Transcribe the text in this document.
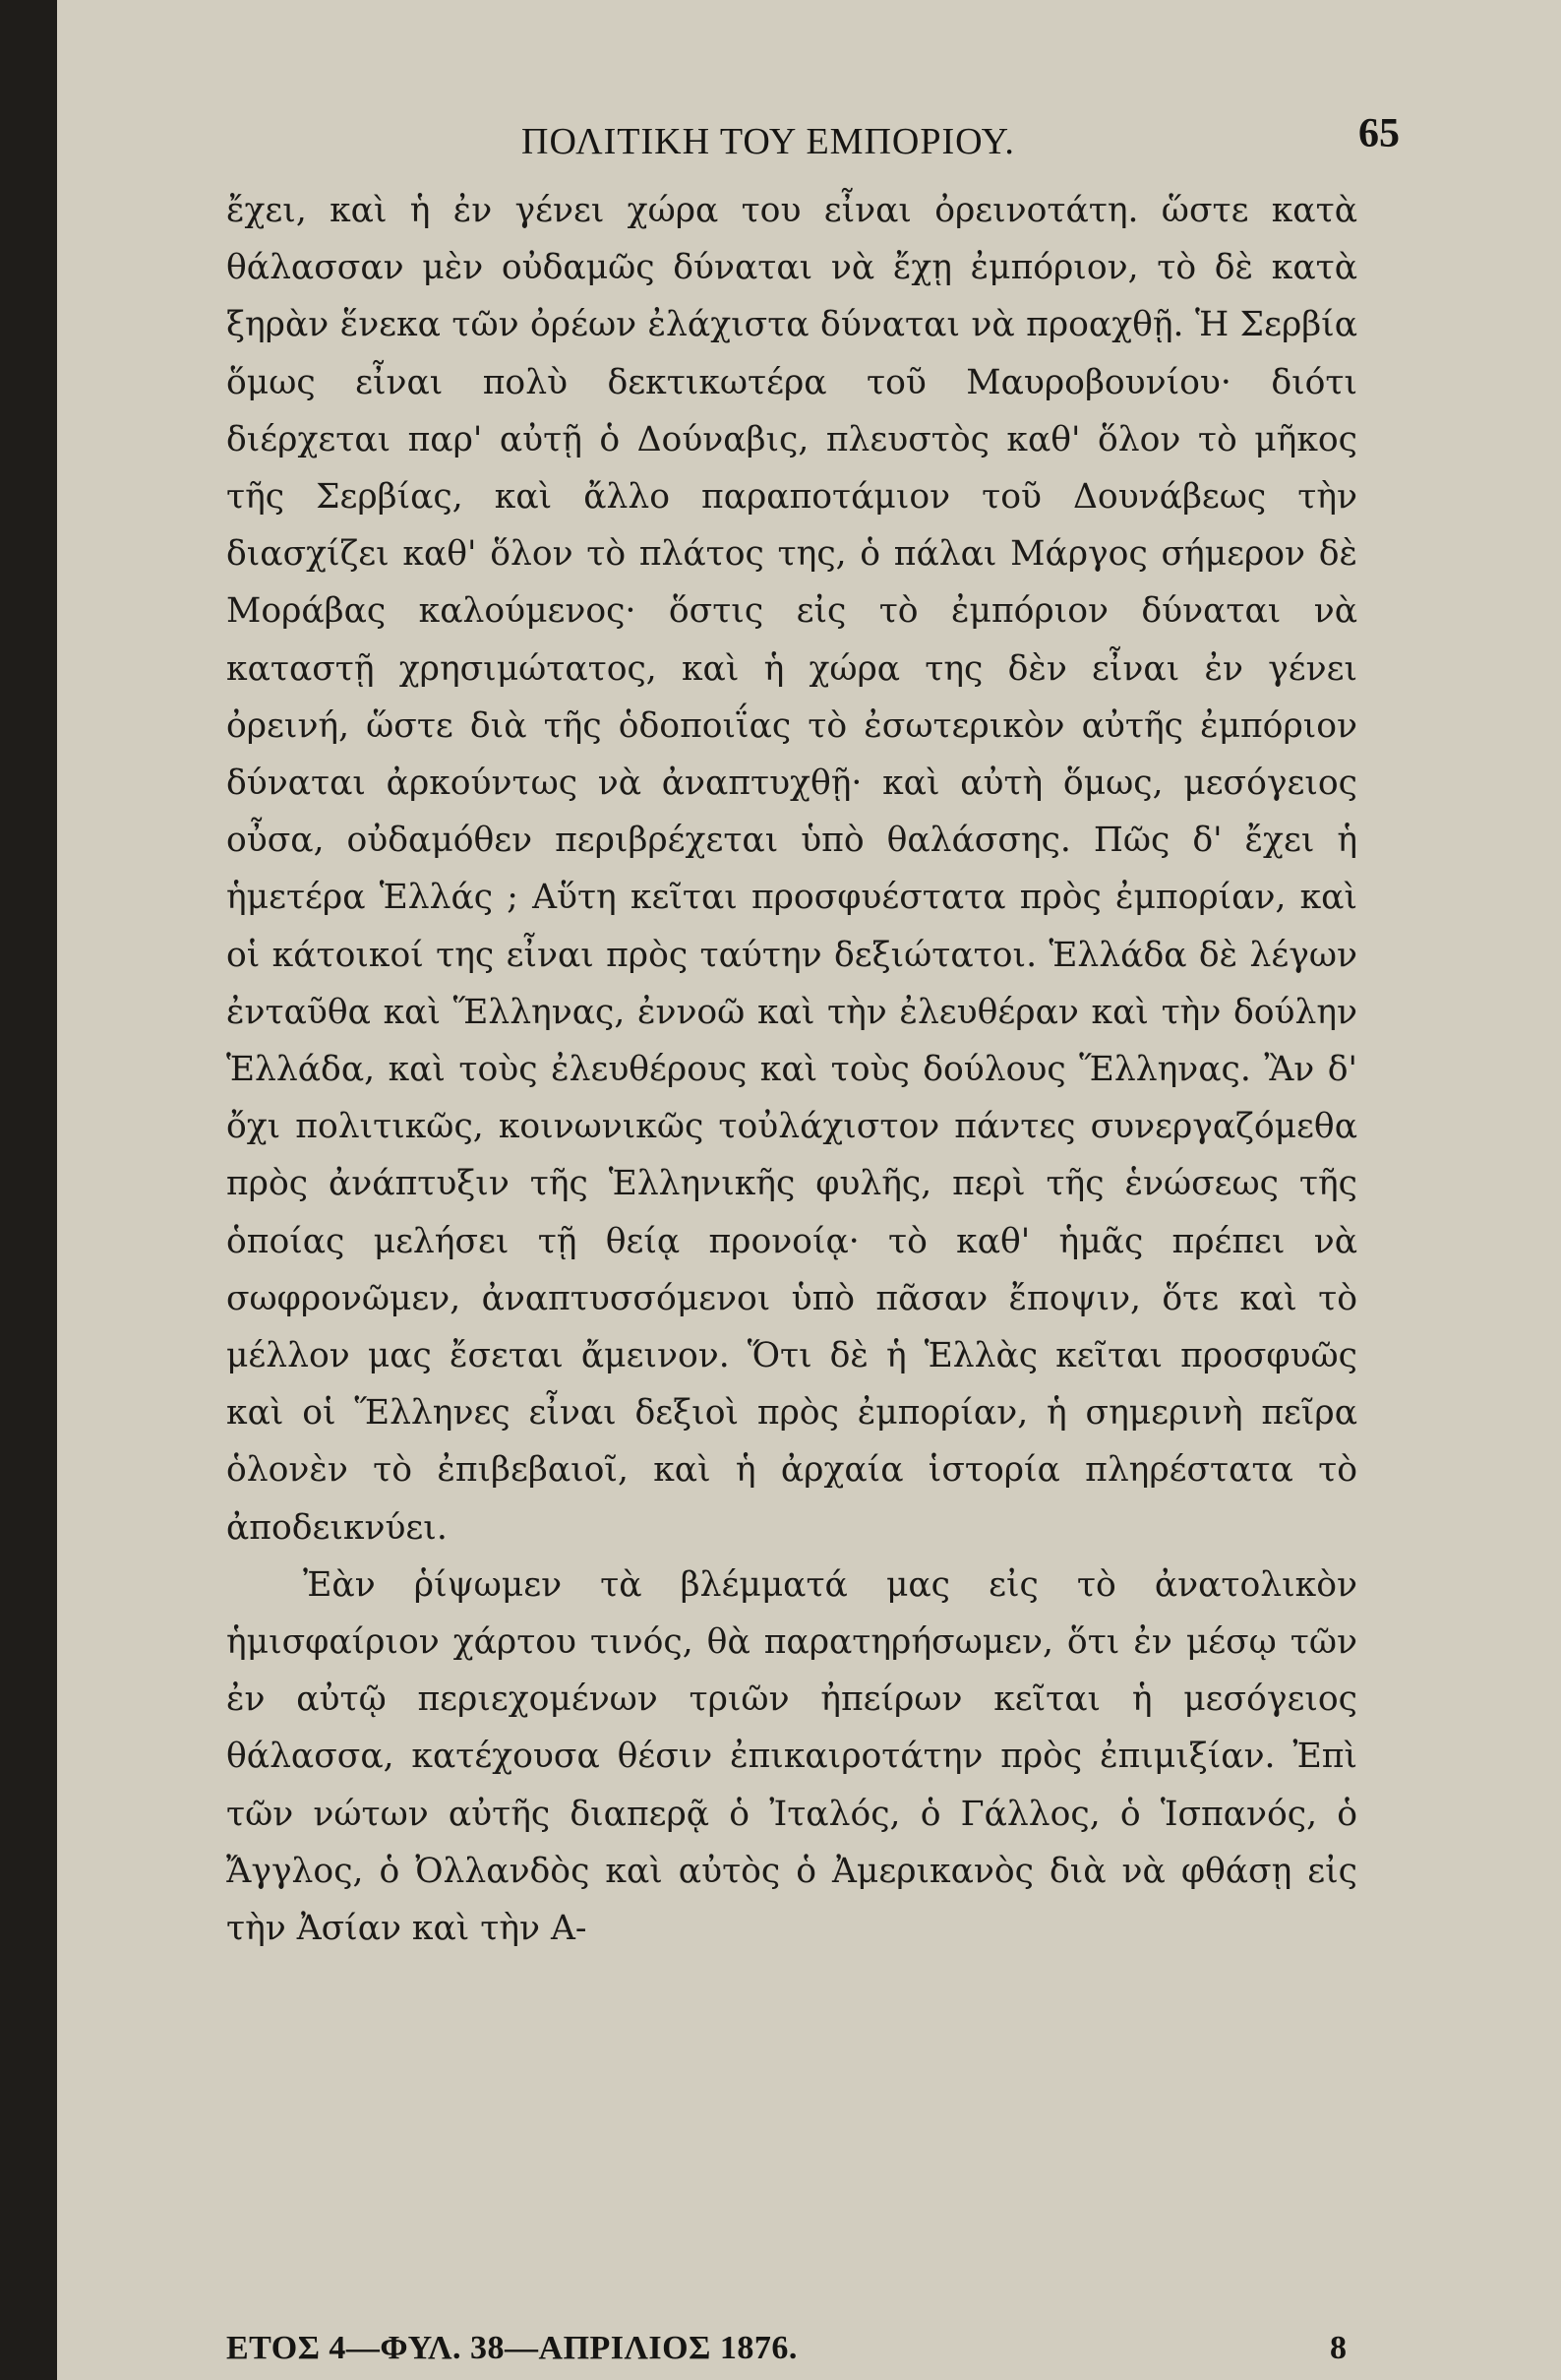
ΠΟΛΙΤΙΚΗ ΤΟΥ ΕΜΠΟΡΙΟΥ.	65

ἔχει, καὶ ἡ ἐν γένει χώρα του εἶναι ὀρεινοτάτη. ὥστε κατὰ θάλασσαν μὲν οὐδαμῶς δύναται νὰ ἔχῃ ἐμπόριον, τὸ δὲ κατὰ ξηρὰν ἕνεκα τῶν ὀρέων ἐλάχιστα δύναται νὰ προαχθῇ. Ἡ Σερβία ὅμως εἶναι πολὺ δεκτικωτέρα τοῦ Μαυροβουνίου· διότι διέρχεται παρ' αὐτῇ ὁ Δούναβις, πλευστὸς καθ' ὅλον τὸ μῆκος τῆς Σερβίας, καὶ ἄλλο παραποτάμιον τοῦ Δουνάβεως τὴν διασχίζει καθ' ὅλον τὸ πλάτος της, ὁ πάλαι Μάργος σήμερον δὲ Μοράβας καλούμενος· ὅστις εἰς τὸ ἐμπόριον δύναται νὰ καταστῇ χρησιμώτατος, καὶ ἡ χώρα της δὲν εἶναι ἐν γένει ὀρεινή, ὥστε διὰ τῆς ὁδοποιΐας τὸ ἐσωτερικὸν αὐτῆς ἐμπόριον δύναται ἀρκούντως νὰ ἀναπτυχθῇ· καὶ αὐτὴ ὅμως, μεσόγειος οὖσα, οὐδαμόθεν περιβρέχεται ὑπὸ θαλάσσης. Πῶς δ' ἔχει ἡ ἡμετέρα Ἑλλάς ; Αὕτη κεῖται προσφυέστατα πρὸς ἐμπορίαν, καὶ οἱ κάτοικοί της εἶναι πρὸς ταύτην δεξιώτατοι. Ἑλλάδα δὲ λέγων ἐνταῦθα καὶ Ἕλληνας, ἐννοῶ καὶ τὴν ἐλευθέραν καὶ τὴν δούλην Ἑλλάδα, καὶ τοὺς ἐλευθέρους καὶ τοὺς δούλους Ἕλληνας. Ἂν δ' ὄχι πολιτικῶς, κοινωνικῶς τοὐλάχιστον πάντες συνεργαζόμεθα πρὸς ἀνάπτυξιν τῆς Ἑλληνικῆς φυλῆς, περὶ τῆς ἑνώσεως τῆς ὁποίας μελήσει τῇ θείᾳ προνοίᾳ· τὸ καθ' ἡμᾶς πρέπει νὰ σωφρονῶμεν, ἀναπτυσσόμενοι ὑπὸ πᾶσαν ἔποψιν, ὅτε καὶ τὸ μέλλον μας ἔσεται ἄμεινον. Ὅτι δὲ ἡ Ἑλλὰς κεῖται προσφυῶς καὶ οἱ Ἕλληνες εἶναι δεξιοὶ πρὸς ἐμπορίαν, ἡ σημερινὴ πεῖρα ὁλονὲν τὸ ἐπιβεβαιοῖ, καὶ ἡ ἀρχαία ἱστορία πληρέστατα τὸ ἀποδεικνύει.

Ἐὰν ῥίψωμεν τὰ βλέμματά μας εἰς τὸ ἀνατολικὸν ἡμισφαίριον χάρτου τινός, θὰ παρατηρήσωμεν, ὅτι ἐν μέσῳ τῶν ἐν αὐτῷ περιεχομένων τριῶν ἠπείρων κεῖται ἡ μεσόγειος θάλασσα, κατέχουσα θέσιν ἐπικαιροτάτην πρὸς ἐπιμιξίαν. Ἐπὶ τῶν νώτων αὐτῆς διαπερᾷ ὁ Ἰταλός, ὁ Γάλλος, ὁ Ἱσπανός, ὁ Ἄγγλος, ὁ Ὀλλανδὸς καὶ αὐτὸς ὁ Ἀμερικανὸς διὰ νὰ φθάσῃ εἰς τὴν Ἀσίαν καὶ τὴν Α-

ΕΤΟΣ 4—ΦΥΛ. 38—ΑΠΡΙΛΙΟΣ 1876.	8
